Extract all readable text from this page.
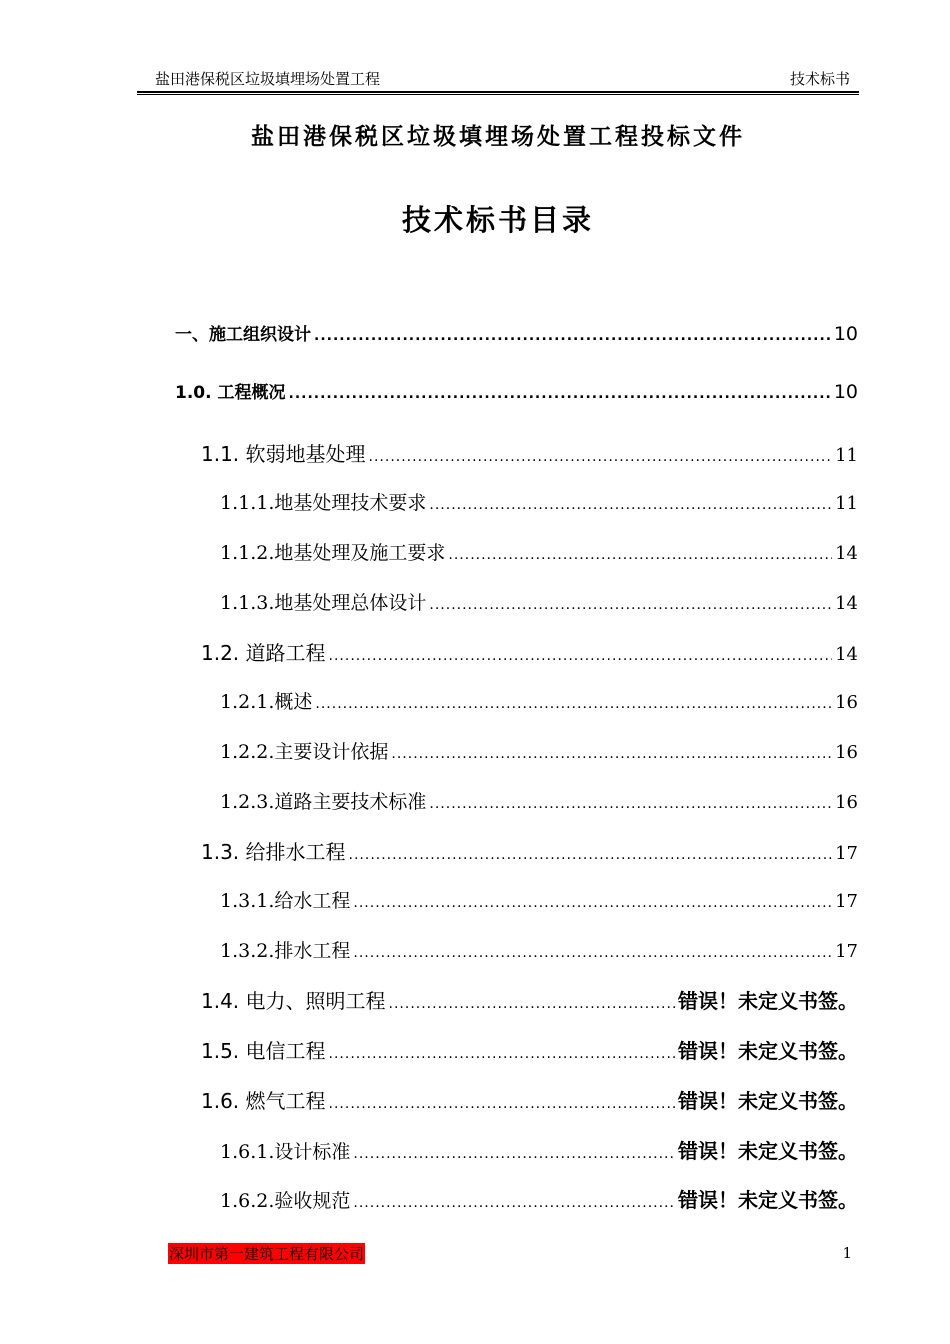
盐田港保税区垃圾填埋场处置工程	技术标书
盐田港保税区垃圾填埋场处置工程投标文件
技术标书目录
一、施工组织设计 .....	10
1.0. 工程概况 .....	10
1.1. 软弱地基处理 .....	11
1.1.1.地基处理技术要求 .....	11
1.1.2.地基处理及施工要求 .....	14
1.1.3.地基处理总体设计 .....	14
1.2. 道路工程 .....	14
1.2.1.概述 .....	16
1.2.2.主要设计依据 .....	16
1.2.3.道路主要技术标准 .....	16
1.3. 给排水工程 .....	17
1.3.1.给水工程 .....	17
1.3.2.排水工程 .....	17
1.4. 电力、照明工程 .....	错误！未定义书签。
1.5. 电信工程 .....	错误！未定义书签。
1.6. 燃气工程 .....	错误！未定义书签。
1.6.1.设计标准 .....	错误！未定义书签。
1.6.2.验收规范 .....	错误！未定义书签。
深圳市第一建筑工程有限公司	1
